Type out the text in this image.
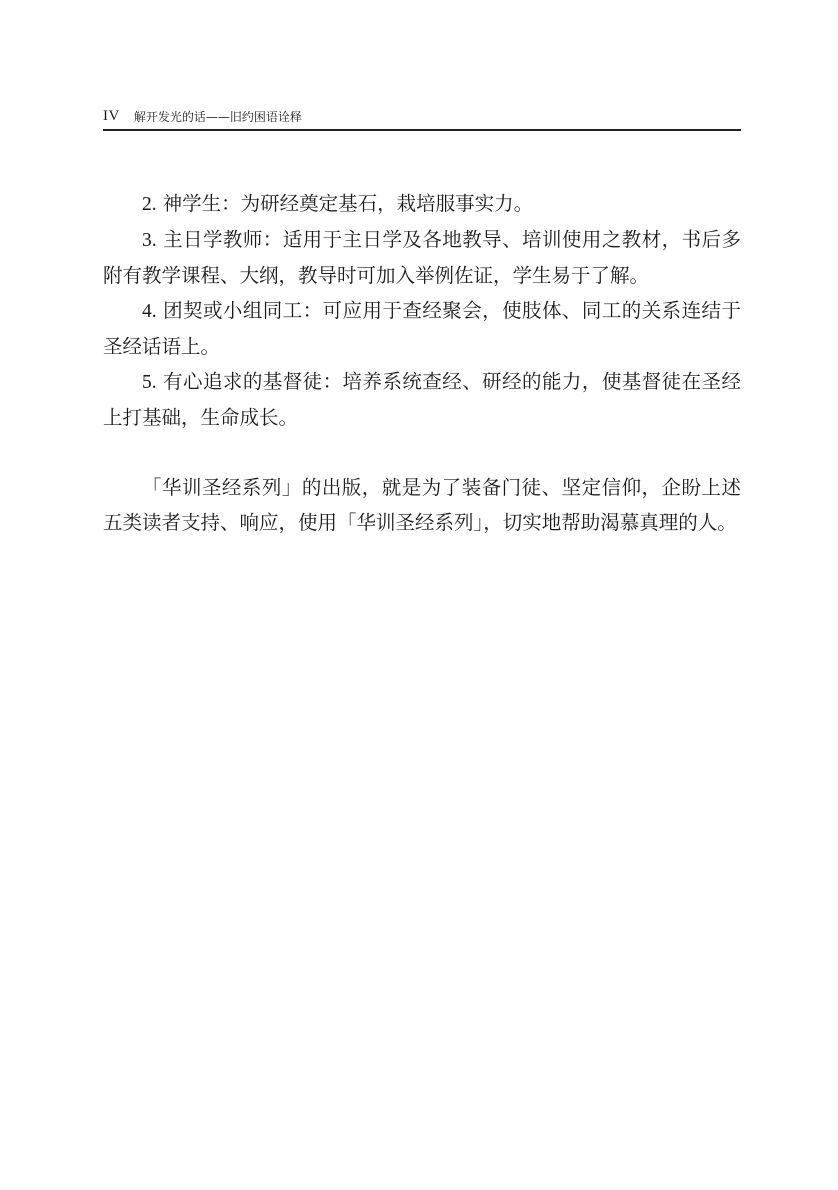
IV 解开发光的话——旧约困语诠释

2. 神学生：为研经奠定基石，栽培服事实力。

3. 主日学教师：适用于主日学及各地教导、培训使用之教材，书后多附有教学课程、大纲，教导时可加入举例佐证，学生易于了解。

4. 团契或小组同工：可应用于查经聚会，使肢体、同工的关系连结于圣经话语上。

5. 有心追求的基督徒：培养系统查经、研经的能力，使基督徒在圣经上打基础，生命成长。

「华训圣经系列」的出版，就是为了装备门徒、坚定信仰，企盼上述五类读者支持、响应，使用「华训圣经系列」，切实地帮助渴慕真理的人。
